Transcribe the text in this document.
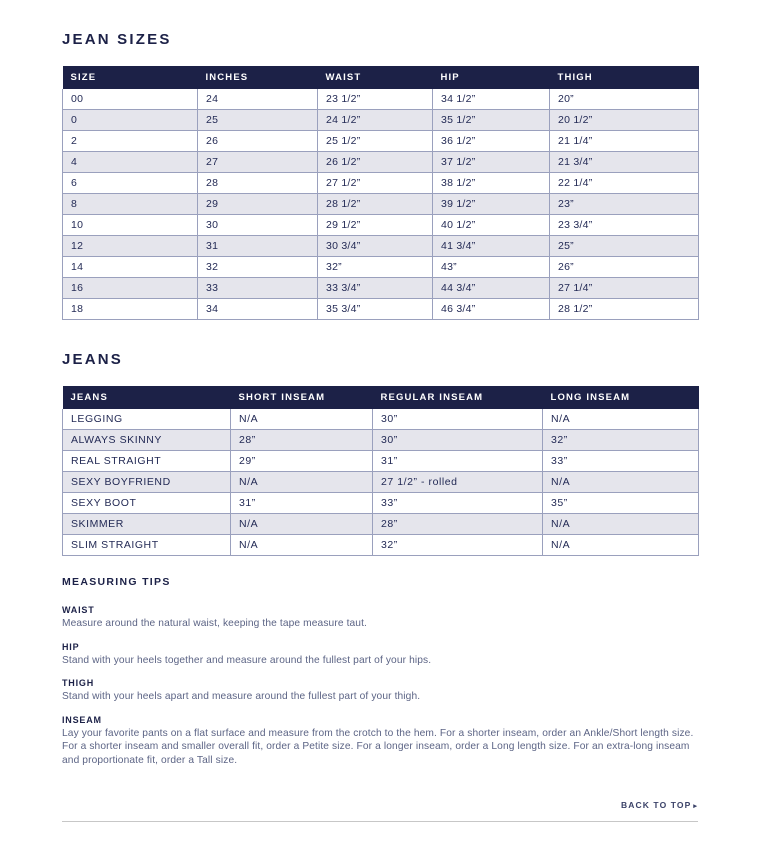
JEAN SIZES
SIZE	INCHES	WAIST	HIP	THIGH
00	24	23 1/2”	34 1/2”	20”
0	25	24 1/2”	35 1/2”	20 1/2”
2	26	25 1/2”	36 1/2”	21 1/4”
4	27	26 1/2”	37 1/2”	21 3/4”
6	28	27 1/2”	38 1/2”	22 1/4”
8	29	28 1/2”	39 1/2”	23”
10	30	29 1/2”	40 1/2”	23 3/4”
12	31	30 3/4”	41 3/4”	25”
14	32	32”	43”	26”
16	33	33 3/4”	44 3/4”	27 1/4”
18	34	35 3/4”	46 3/4”	28 1/2”
JEANS
JEANS	SHORT INSEAM	REGULAR INSEAM	LONG INSEAM
LEGGING	N/A	30”	N/A
ALWAYS SKINNY	28”	30”	32”
REAL STRAIGHT	29”	31”	33”
SEXY BOYFRIEND	N/A	27 1/2” - rolled	N/A
SEXY BOOT	31”	33”	35”
SKIMMER	N/A	28”	N/A
SLIM STRAIGHT	N/A	32”	N/A
MEASURING TIPS

WAIST

Measure around the natural waist, keeping the tape measure taut.

HIP

Stand with your heels together and measure around the fullest part of your hips.

THIGH

Stand with your heels apart and measure around the fullest part of your thigh.

INSEAM

Lay your favorite pants on a flat surface and measure from the crotch to the hem. For a shorter inseam, order an Ankle/Short length size. For a shorter inseam and smaller overall fit, order a Petite size. For a longer inseam, order a Long length size. For an extra-long inseam and proportionate fit, order a Tall size.

BACK TO TOP ▸
